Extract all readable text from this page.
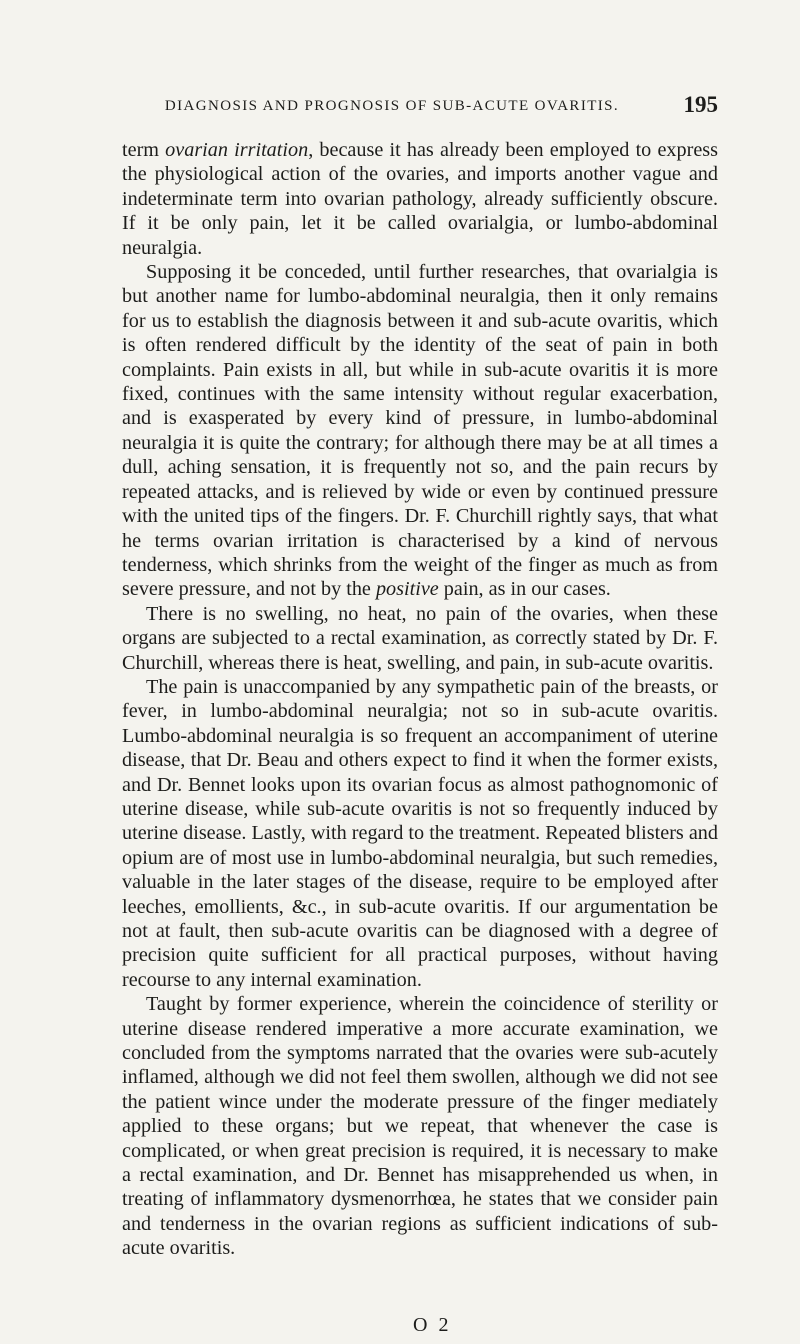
DIAGNOSIS AND PROGNOSIS OF SUB-ACUTE OVARITIS.	195

term ovarian irritation, because it has already been employed to express the physiological action of the ovaries, and imports another vague and indeterminate term into ovarian pathology, already sufficiently obscure. If it be only pain, let it be called ovarialgia, or lumbo-abdominal neuralgia.

Supposing it be conceded, until further researches, that ovarialgia is but another name for lumbo-abdominal neuralgia, then it only remains for us to establish the diagnosis between it and sub-acute ovaritis, which is often rendered difficult by the identity of the seat of pain in both complaints. Pain exists in all, but while in sub-acute ovaritis it is more fixed, continues with the same intensity without regular exacerbation, and is exasperated by every kind of pressure, in lumbo-abdominal neuralgia it is quite the contrary; for although there may be at all times a dull, aching sensation, it is frequently not so, and the pain recurs by repeated attacks, and is relieved by wide or even by continued pressure with the united tips of the fingers. Dr. F. Churchill rightly says, that what he terms ovarian irritation is characterised by a kind of nervous tenderness, which shrinks from the weight of the finger as much as from severe pressure, and not by the positive pain, as in our cases.

There is no swelling, no heat, no pain of the ovaries, when these organs are subjected to a rectal examination, as correctly stated by Dr. F. Churchill, whereas there is heat, swelling, and pain, in sub-acute ovaritis.

The pain is unaccompanied by any sympathetic pain of the breasts, or fever, in lumbo-abdominal neuralgia; not so in sub-acute ovaritis. Lumbo-abdominal neuralgia is so frequent an accompaniment of uterine disease, that Dr. Beau and others expect to find it when the former exists, and Dr. Bennet looks upon its ovarian focus as almost pathognomonic of uterine disease, while sub-acute ovaritis is not so frequently induced by uterine disease. Lastly, with regard to the treatment. Repeated blisters and opium are of most use in lumbo-abdominal neuralgia, but such remedies, valuable in the later stages of the disease, require to be employed after leeches, emollients, &c., in sub-acute ovaritis. If our argumentation be not at fault, then sub-acute ovaritis can be diagnosed with a degree of precision quite sufficient for all practical purposes, without having recourse to any internal examination.

Taught by former experience, wherein the coincidence of sterility or uterine disease rendered imperative a more accurate examination, we concluded from the symptoms narrated that the ovaries were sub-acutely inflamed, although we did not feel them swollen, although we did not see the patient wince under the moderate pressure of the finger mediately applied to these organs; but we repeat, that whenever the case is complicated, or when great precision is required, it is necessary to make a rectal examination, and Dr. Bennet has misapprehended us when, in treating of inflammatory dysmenorrhœa, he states that we consider pain and tenderness in the ovarian regions as sufficient indications of sub-acute ovaritis.

O 2
